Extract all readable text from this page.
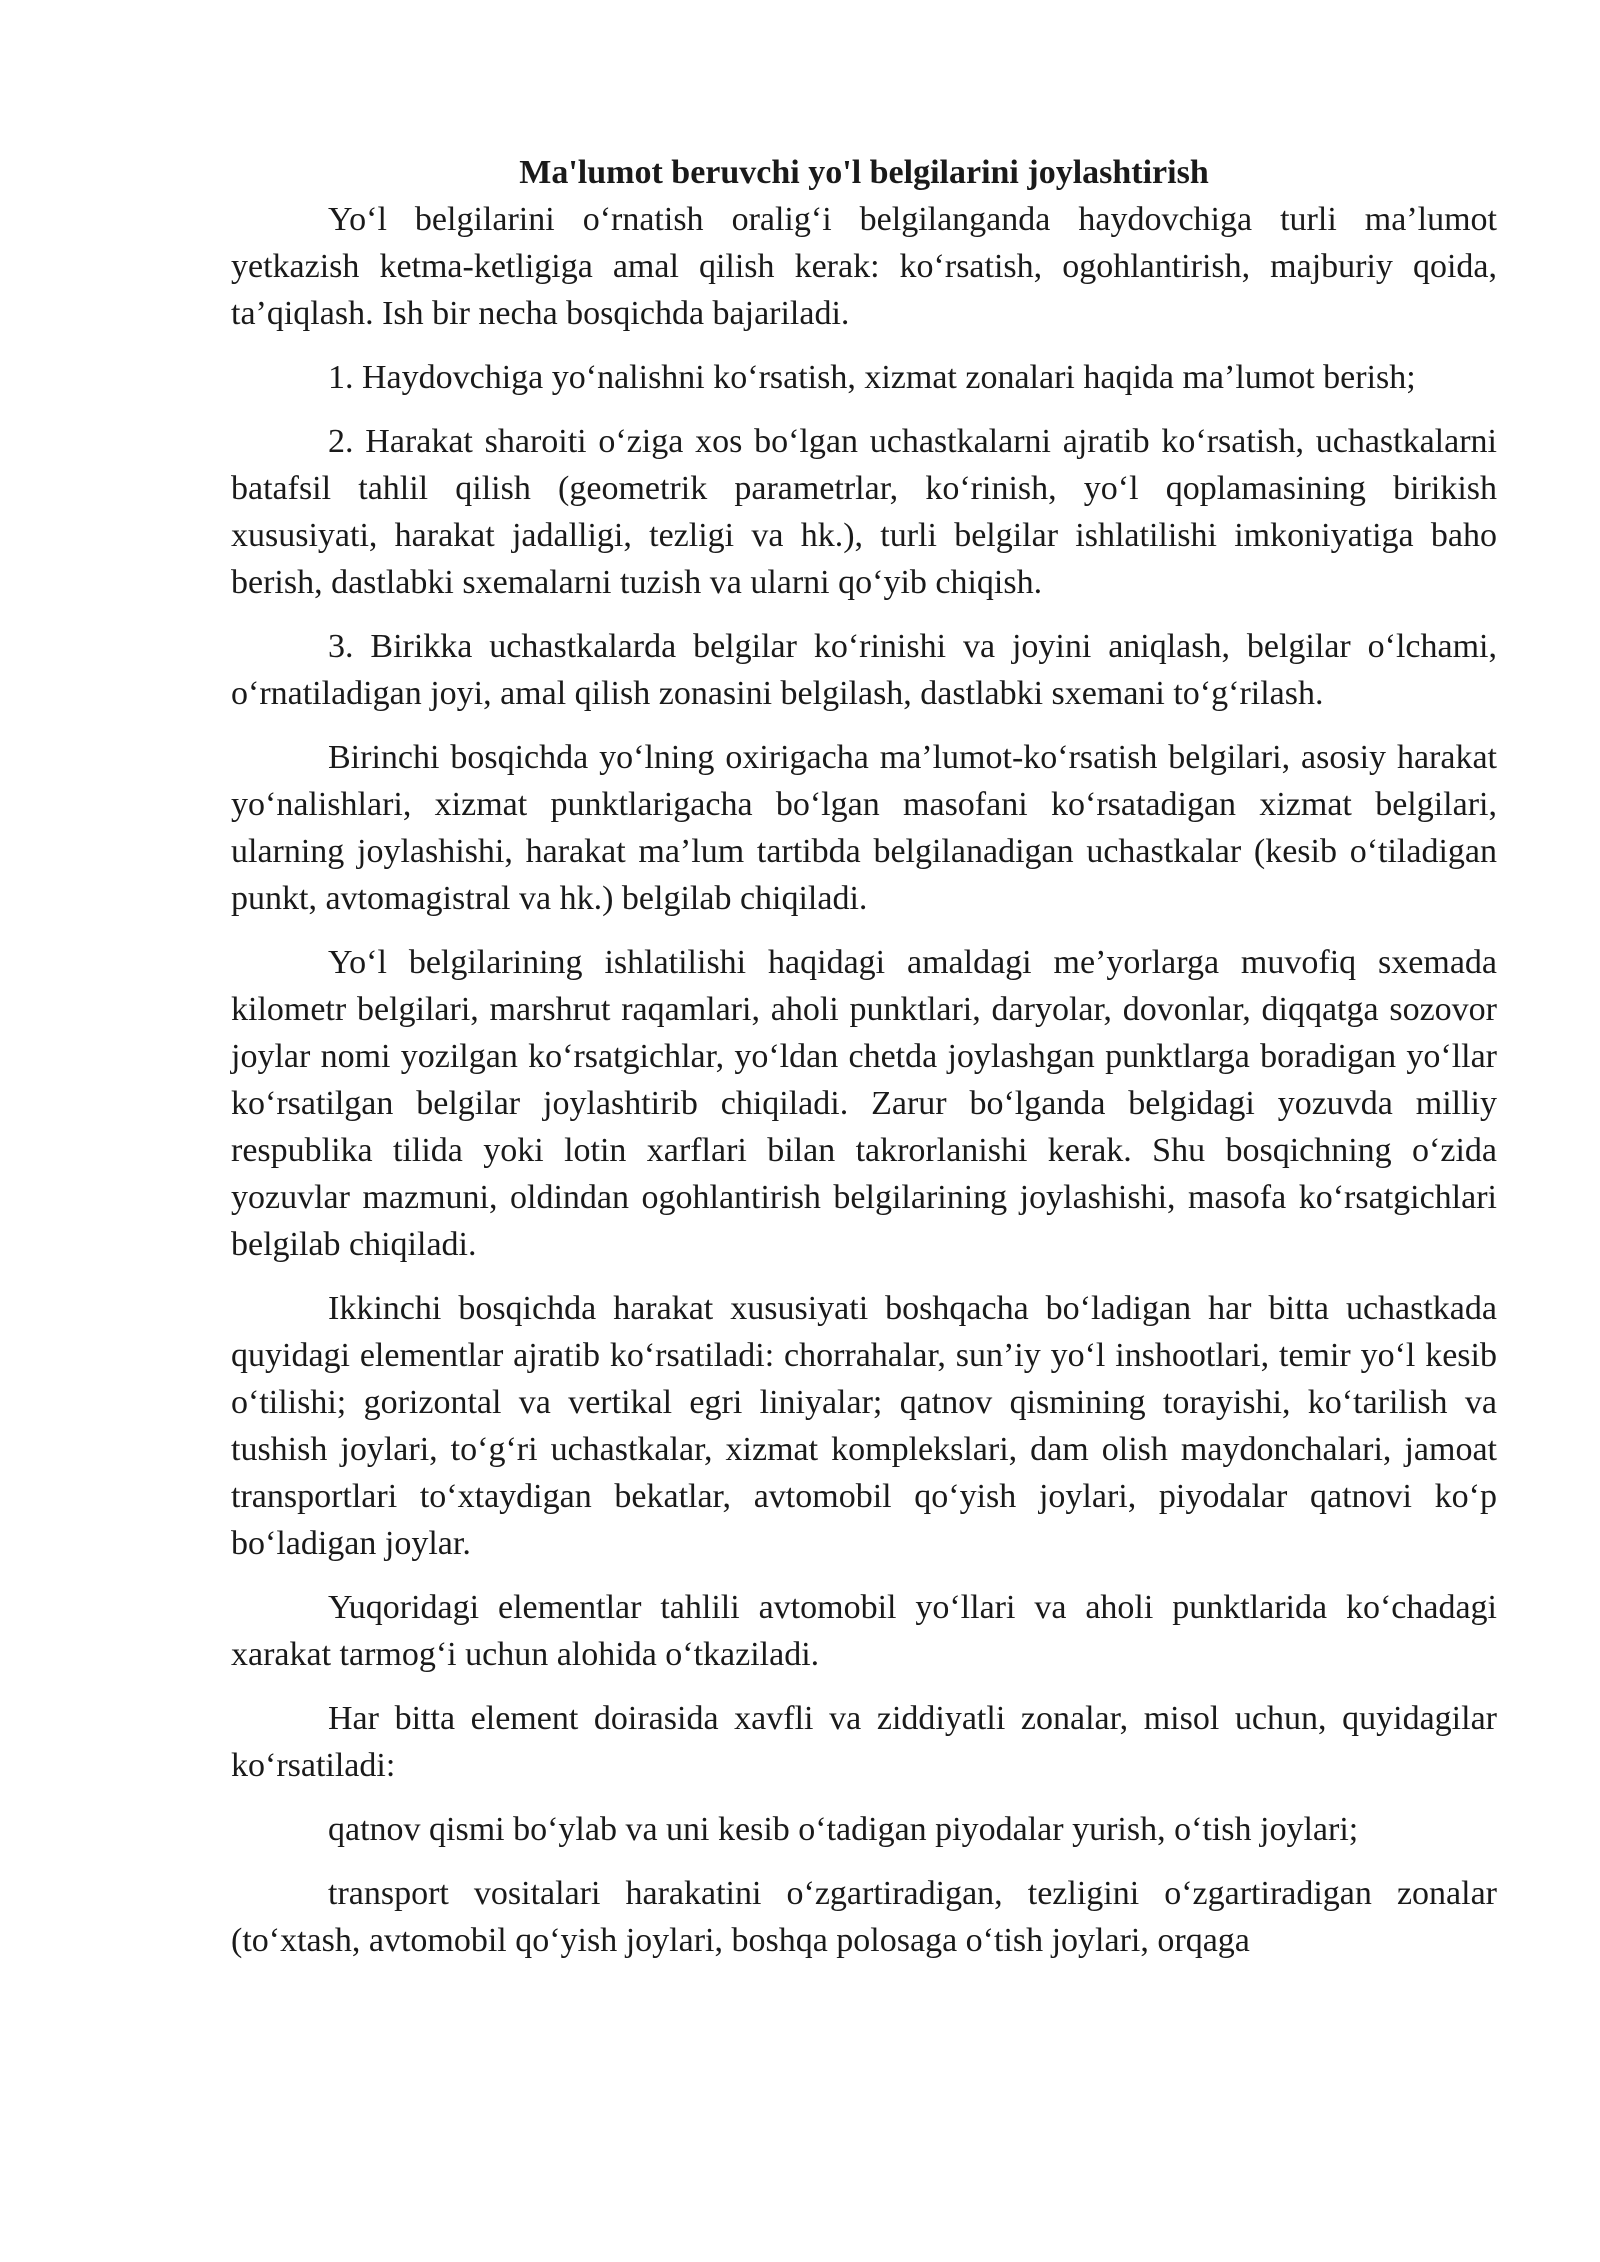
Ma'lumot beruvchi yo'l belgilarini joylashtirish

Yo‘l belgilarini o‘rnatish oralig‘i belgilanganda haydovchiga turli ma’lumot yetkazish ketma-ketligiga amal qilish kerak: ko‘rsatish, ogohlantirish, majburiy qoida, ta’qiqlash. Ish bir necha bosqichda bajariladi.

1. Haydovchiga yo‘nalishni ko‘rsatish, xizmat zonalari haqida ma’lumot berish;

2. Harakat sharoiti o‘ziga xos bo‘lgan uchastkalarni ajratib ko‘rsatish, uchastkalarni batafsil tahlil qilish (geometrik parametrlar, ko‘rinish, yo‘l qoplamasining birikish xususiyati, harakat jadalligi, tezligi va hk.), turli belgilar ishlatilishi imkoniyatiga baho berish, dastlabki sxemalarni tuzish va ularni qo‘yib chiqish.

3. Birikka uchastkalarda belgilar ko‘rinishi va joyini aniqlash, belgilar o‘lchami, o‘rnatiladigan joyi, amal qilish zonasini belgilash, dastlabki sxemani to‘g‘rilash.

Birinchi bosqichda yo‘lning oxirigacha ma’lumot-ko‘rsatish belgilari, asosiy harakat yo‘nalishlari, xizmat punktlarigacha bo‘lgan masofani ko‘rsatadigan xizmat belgilari, ularning joylashishi, harakat ma’lum tartibda belgilanadigan uchastkalar (kesib o‘tiladigan punkt, avtomagistral va hk.) belgilab chiqiladi.

Yo‘l belgilarining ishlatilishi haqidagi amaldagi me’yorlarga muvofiq sxemada kilometr belgilari, marshrut raqamlari, aholi punktlari, daryolar, dovonlar, diqqatga sozovor joylar nomi yozilgan ko‘rsatgichlar, yo‘ldan chetda joylashgan punktlarga boradigan yo‘llar ko‘rsatilgan belgilar joylashtirib chiqiladi. Zarur bo‘lganda belgidagi yozuvda milliy respublika tilida yoki lotin xarflari bilan takrorlanishi kerak. Shu bosqichning o‘zida yozuvlar mazmuni, oldindan ogohlantirish belgilarining joylashishi, masofa ko‘rsatgichlari belgilab chiqiladi.

Ikkinchi bosqichda harakat xususiyati boshqacha bo‘ladigan har bitta uchastkada quyidagi elementlar ajratib ko‘rsatiladi: chorrahalar, sun’iy yo‘l inshootlari, temir yo‘l kesib o‘tilishi; gorizontal va vertikal egri liniyalar; qatnov qismining torayishi, ko‘tarilish va tushish joylari, to‘g‘ri uchastkalar, xizmat komplekslari, dam olish maydonchalari, jamoat transportlari to‘xtaydigan bekatlar, avtomobil qo‘yish joylari, piyodalar qatnovi ko‘p bo‘ladigan joylar.

Yuqoridagi elementlar tahlili avtomobil yo‘llari va aholi punktlarida ko‘chadagi xarakat tarmog‘i uchun alohida o‘tkaziladi.

Har bitta element doirasida xavfli va ziddiyatli zonalar, misol uchun, quyidagilar ko‘rsatiladi:

qatnov qismi bo‘ylab va uni kesib o‘tadigan piyodalar yurish, o‘tish joylari;

transport vositalari harakatini o‘zgartiradigan, tezligini o‘zgartiradigan zonalar (to‘xtash, avtomobil qo‘yish joylari, boshqa polosaga o‘tish joylari, orqaga
